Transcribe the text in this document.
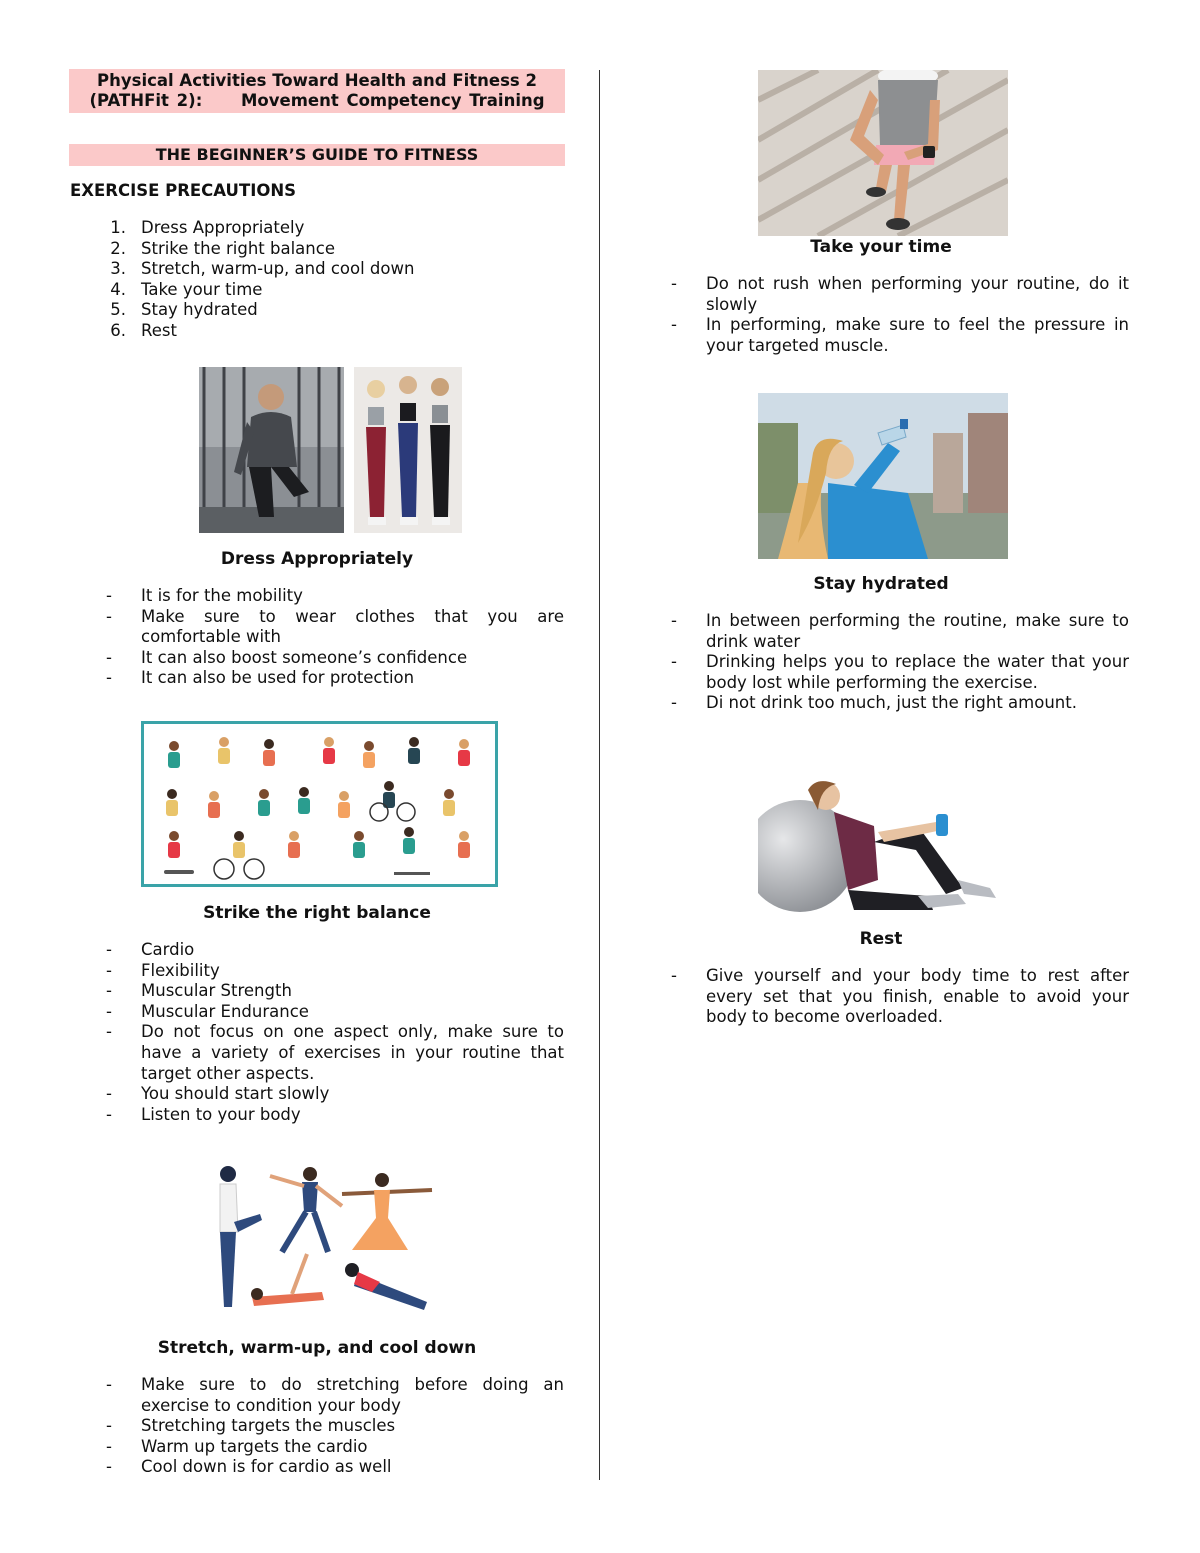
Physical Activities Toward Health and Fitness 2
(PATHFit 2):     Movement Competency Training
THE BEGINNER’S GUIDE TO FITNESS
EXERCISE PRECAUTIONS
1. Dress Appropriately
2. Strike the right balance
3. Stretch, warm-up, and cool down
4. Take your time
5. Stay hydrated
6. Rest
Dress Appropriately
- It is for the mobility
- Make sure to wear clothes that you are comfortable with
- It can also boost someone’s confidence
- It can also be used for protection
Strike the right balance
- Cardio
- Flexibility
- Muscular Strength
- Muscular Endurance
- Do not focus on one aspect only, make sure to have a variety of exercises in your routine that target other aspects.
- You should start slowly
- Listen to your body
Stretch, warm-up, and cool down
- Make sure to do stretching before doing an exercise to condition your body
- Stretching targets the muscles
- Warm up targets the cardio
- Cool down is for cardio as well
Take your time
- Do not rush when performing your routine, do it slowly
- In performing, make sure to feel the pressure in your targeted muscle.
Stay hydrated
- In between performing the routine, make sure to drink water
- Drinking helps you to replace the water that your body lost while performing the exercise.
- Di not drink too much, just the right amount.
Rest
- Give yourself and your body time to rest after every set that you finish, enable to avoid your body to become overloaded.
